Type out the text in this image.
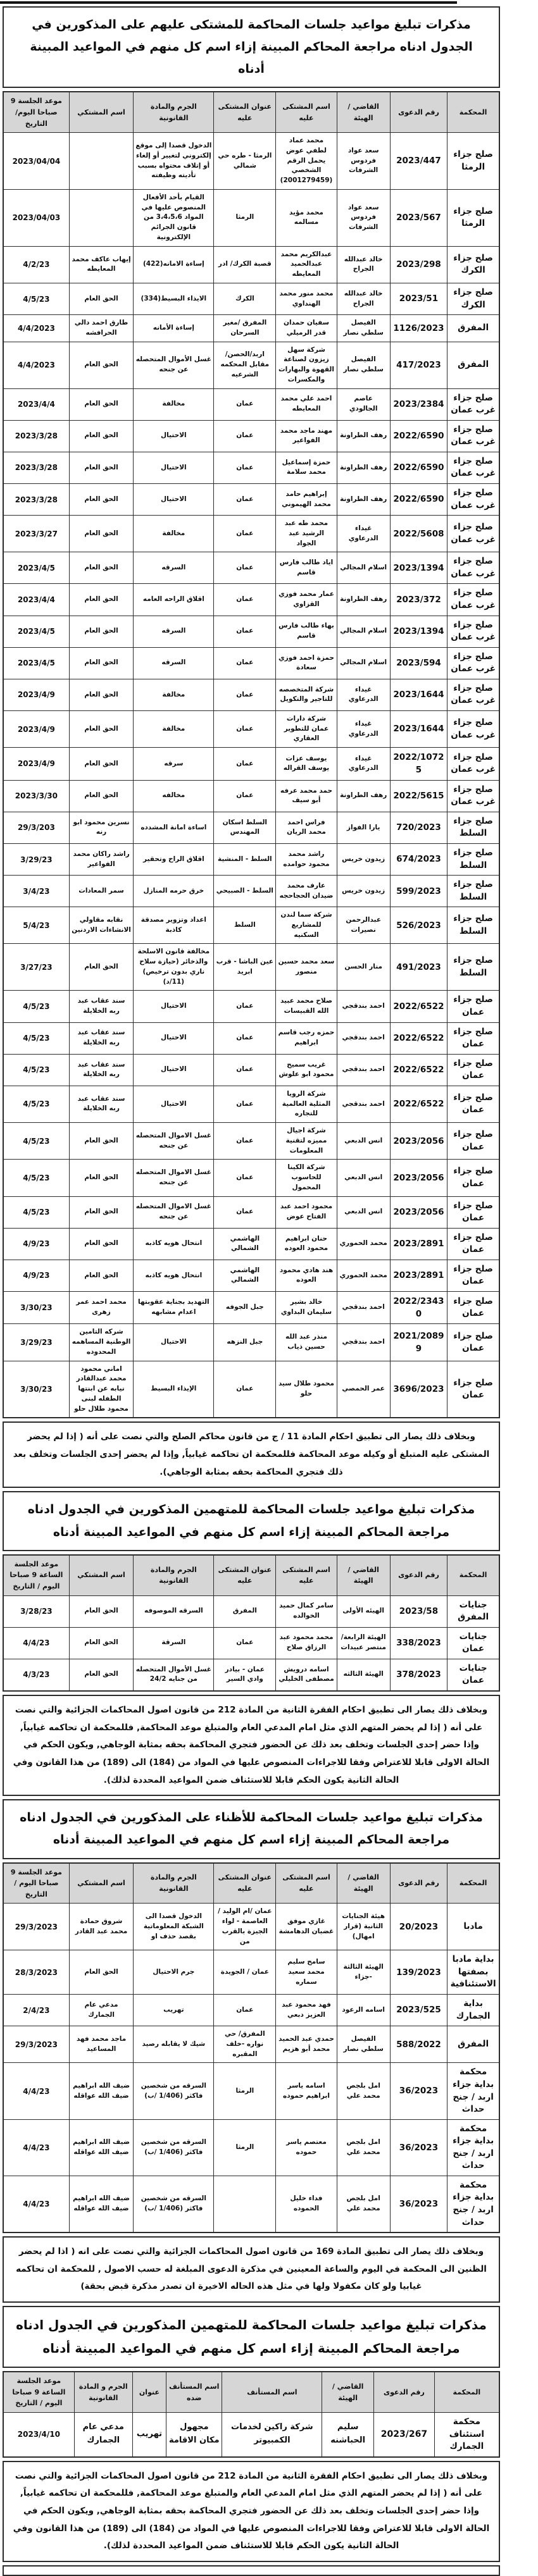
مذكرات تبليغ مواعيد جلسات المحاكمة للمشتكى عليهم على المذكورين في الجدول ادناه مراجعة المحاكم المبينة إزاء اسم كل منهم في المواعيد المبينة أدناه
المحكمة	رقم الدعوى	القاضي / الهيئة	اسم المشتكى عليه	عنوان المشتكى عليه	الجرم والمادة القانونية	اسم المشتكي	موعد الجلسة 9 صباحا اليوم/التاريخ
صلح جزاء الرمثا	2023/447	سعد عواد فردوس الشرفات	محمد عماد لطفي عوض يحمل الرقم الشخصي (2001279459)	الرمثا - طره حي شمالي	الدخول قصدا إلى موقع إلكتروني لتغيير أو إلغاء أو إتلاف محتواه بسبب تأديته وظيفته		2023/04/04
صلح جزاء الرمثا	2023/567	سعد عواد فردوس الشرفات	محمد مؤيد مسالمه	الرمثا	القيام بأحد الأفعال المنصوص عليها في المواد 3،4،5،6 من قانون الجرائم الإلكترونية		2023/04/03
صلح جزاء الكرك	2023/298	خالد عبدالله الجراح	عبدالكريم محمد عبدالحميد المعايطه	قصبة الكرك/ ادر	إساءة الامانه(422)	إيهاب عاكف محمد المعايطه	4/2/23
صلح جزاء الكرك	2023/51	خالد عبدالله الجراح	محمد منور محمد الهنداوي	الكرك	الايذاء البسيط(334)	الحق العام	4/5/23
المفرق	1126/2023	الفيصل سلطي نصار	سفيان حمدان قدر الرميلي	المفرق /مغير السرحان	إساءة الأمانه	طارق احمد دالي الحرافشه	4/4/2023
المفرق	417/2023	الفيصل سلطي نصار	شركة سهل زيزون لصناعة القهوة والبهارات والمكسرات	اربد/الحصن/مقابل المحكمه الشرعيه	غسل الأموال المتحصله عن جنحه	الحق العام	4/4/2023
صلح جزاء غرب عمان	2023/2384	عاصم الجالودي	احمد علي محمد المعايطه	عمان	مخالفة	الحق العام	2023/4/4
صلح جزاء غرب عمان	2022/6590	رهف الطراونة	مهند ماجد محمد الفواعير	عمان	الاحتيال	الحق العام	2023/3/28
صلح جزاء غرب عمان	2022/6590	رهف الطراونة	حمزة إسماعيل محمد سلامة	عمان	الاحتيال	الحق العام	2023/3/28
صلح جزاء غرب عمان	2022/6590	رهف الطراونة	إبراهيم حامد محمد الهيموني	عمان	الاحتيال	الحق العام	2023/3/28
صلح جزاء غرب عمان	2022/5608	غيداء الدرعاوي	محمد طه عبد الرشيد عبد الجواد	عمان	مخالفة	الحق العام	2023/3/27
صلح جزاء غرب عمان	2023/1394	اسلام المجالي	اياد طالب فارس قاسم	عمان	السرقه	الحق العام	2023/4/5
صلح جزاء غرب عمان	2023/372	رهف الطراونة	عمار محمد فوزي القزاوي	عمان	اقلاق الراحه العامه	الحق العام	2023/4/4
صلح جزاء غرب عمان	2023/1394	اسلام المجالي	بهاء طالب فارس قاسم	عمان	السرقه	الحق العام	2023/4/5
صلح جزاء غرب عمان	2023/594	اسلام المجالي	حمزة احمد فوزي سعادة	عمان	السرقه	الحق العام	2023/4/5
صلح جزاء غرب عمان	2023/1644	غيداء الدرعاوي	شركة المتخصصه للتاجير والتكويل	عمان	مخالفة	الحق العام	2023/4/9
صلح جزاء غرب عمان	2023/1644	غيداء الدرعاوي	شركة دارات عمان للتطوير العقاري	عمان	مخالفة	الحق العام	2023/4/9
صلح جزاء غرب عمان	2022/10725	غيداء الدرعاوي	يوسف عزات يوسف القراله	عمان	سرقه	الحق العام	2023/4/9
صلح جزاء غرب عمان	2022/5615	رهف الطراونة	حمد محمد عرفه أبو سيف	عمان	مخالفه	الحق العام	2023/3/30
صلح جزاء السلط	720/2023	يارا الفواز	فراس احمد محمد الريان	السلط اسكان المهندس	اساءة امانة المشدده	نسرين محمود ابو رنه	29/3/203
صلح جزاء السلط	674/2023	زيدون خريس	راشد محمد محمود حوامده	السلط - المنشية	اقلاق الراح وتحقير	راشد راكان محمد الفواعير	3/29/23
صلح جزاء السلط	599/2023	زيدون خريس	عارف محمد ضيدان الحجاحجه	السلط - الصبيحي	خرق حرمه المنازل	سمر المعادات	3/4/23
صلح جزاء السلط	526/2023	عبدالرحمن نصيرات	شركة سما لندن للمشاريع السكنيه	السلط	اعداد وتزوير مصدقة كاذبة	نقابه مقاولي الانشاءات الاردنين	5/4/23
صلح جزاء السلط	491/2023	منار الحسن	سعد محمد حسين منصور	عين الباشا - قرب ابريد	مخالفة قانون الاسلحة والذخائر (حيازة سلاح ناري بدون ترخيص) (11/د)	الحق العام	3/27/23
صلح جزاء عمان	2022/6522	احمد بندقجي	صلاح محمد عبيد الله القبيسات	عمان	الاحتيال	سند عقاب عبد ربه الخلايلة	4/5/23
صلح جزاء عمان	2022/6522	احمد بندقجي	حمزه رجب قاسم ابراهيم	عمان	الاحتيال	سند عقاب عبد ربه الخلايلة	4/5/23
صلح جزاء عمان	2022/6522	احمد بندقجي	غريب سميح محمود ابو علوش	عمان	الاحتيال	سند عقاب عبد ربه الخلايلة	4/5/23
صلح جزاء عمان	2022/6522	احمد بندقجي	شركة الرويا المثلية العالمية للتجاره	عمان	الاحتيال	سند عقاب عبد ربه الخلايلة	4/5/23
صلح جزاء عمان	2023/2056	انس الدبعي	شركة اجيال مميزه لتقنية المعلومات	عمان	غسل الاموال المتحصله عن جنحه	الحق العام	4/5/23
صلح جزاء عمان	2023/2056	انس الدبعي	شركة الكينا للحاسوب المحمول	عمان	غسل الاموال المتحصله عن جنحه	الحق العام	4/5/23
صلح جزاء عمان	2023/2056	انس الدبعي	محمود احمد عبد الفتاح عوض	عمان	غسل الاموال المتحصله عن جنحه	الحق العام	4/5/23
صلح جزاء عمان	2023/2891	محمد الحموري	حنان ابراهيم محمود العوده	الهاشمي الشمالي	انتحال هويه كاذبه	الحق العام	4/9/23
صلح جزاء عمان	2023/2891	محمد الحموري	هند هادي محمود العوده	الهاشمي الشمالي	انتحال هويه كاذبه	الحق العام	4/9/23
صلح جزاء عمان	2022/23430	احمد بندقجي	خالد بشير سليمان البداوي	جبل الجوفه	التهديد بجناية عقوبتها اعدام مشابهه	محمد احمد عمر زهرى	3/30/23
صلح جزاء عمان	2021/20899	احمد بندقجي	منذر عبد الله حسين ذياب	جبل النزهه	الاحتيال	شركه التامين الوطنية المساهمه المحدوده	3/29/23
صلح جزاء عمان	3696/2023	عمر الحمصي	محمود طلال سيد حلو	عمان	الإيذاء البسيط	اماني محمود محمد عبدالقادر نيابه عن ابنتها الطفله لبنى محمود طلال حلو	3/30/23
وبخلاف ذلك يصار الى تطبيق احكام المادة 11 / ج من قانون محاكم الصلح والتي نصت على أنه ( إذا لم يحضر المشتكى عليه المتبلغ أو وكيله موعد المحاكمة فللمحكمة ان تحاكمه غيابياً, وإذا لم يحضر إحدى الجلسات وتخلف بعد ذلك فتجري المحاكمة بحقه بمثابة الوجاهي).
مذكرات تبليغ مواعيد جلسات المحاكمة للمتهمين المذكورين في الجدول ادناه مراجعة المحاكم المبينة إزاء اسم كل منهم في المواعيد المبينة أدناه
المحكمة	رقم الدعوى	القاضي / الهيئة	اسم المشتكى عليه	عنوان المشتكى عليه	الجرم والمادة القانونية	اسم المشتكي	موعد الجلسة الساعة 9 صباحا اليوم / التاريخ
جنايات المفرق	2023/58	الهيئه الأولى	سامر كمال حميد الخوالده	المفرق	السرقه الموصوفه	الحق العام	3/28/23
جنايات عمان	338/2023	الهيئة الرابعة/ منتصر عبيدات	محمد محمود عبد الرزاق صلاح	عمان	السرقة	الحق العام	4/4/23
جنايات عمان	378/2023	الهيئة الثالثه	اسامه درويش مصطفى الخليلي	عمان - بيادر وادي السير	غسل الأموال المتحصله من جنايه 24/2	الحق العام	4/3/23
وبخلاف ذلك يصار الى تطبيق احكام الفقرة الثانية من المادة 212 من قانون اصول المحاكمات الجزائية والتي نصت على أنه ( إذا لم يحضر المتهم الذي مثل امام المدعي العام والمتبلغ موعد المحاكمة, فللمحكمة ان تحاكمه غيابياً, وإذا حضر إحدى الجلسات وتخلف بعد ذلك عن الحضور فتجري المحاكمة بحقه بمثابة الوجاهي, ويكون الحكم في الحالة الاولى قابلا للاعتراض وفقا للاجراءات المنصوص عليها في المواد من (184) الى (189) من هذا القانون وفي الحالة الثانية يكون الحكم قابلا للاستئناف ضمن المواعيد المحددة لذلك).
مذكرات تبليغ مواعيد جلسات المحاكمة للأظناء على المذكورين في الجدول ادناه مراجعة المحاكم المبينة إزاء اسم كل منهم في المواعيد المبينة أدناه
المحكمة	رقم الدعوى	القاضي / الهيئة	اسم المشتكى عليه	عنوان المشتكى عليه	الجرم والمادة القانونية	اسم المشتكي	موعد الجلسة 9 صباحا اليوم / التاريخ
مادبا	20/2023	هيئة الجنايات الثانية (قرار امهال)	غازي موفق غضبان الدهامشة	عمان /ام الوليد /العاصمة - لواء الجيزة بالقرب من	الدخول قصدا الى الشبكة المعلوماتية بقصد حذف او	شروق حمادة محمد عبد القادر	29/3/2023
بداية مادبا بصفتها الاستئنافية	139/2023	الهيئة الثالثة -جزاء	سامح سليم محمد سعيد سماره	عمان / الجويدة	جرم الاحتيال	الحق العام	28/3/2023
بداية الجمارك	2023/525	اسامه الرعود	فهد محمود عبد العزيز دبعي	عمان	تهريب	مدعي عام الجمارك	2/4/23
المفرق	588/2022	الفيصل سلطي نصار	حمدي عبد الحميد محمد أبو هزيم	المفرق/ حي نواره -خلف المقبره	شيك لا يقابله رصيد	ماجد محمد فهد المساعيد	29/3/2023
محكمة بداية جزاء اربد / جنح حداث	36/2023	امل بلجص محمد علي	اسامه ياسر ابراهيم حموده	الرمثا	السرقه من شخصين فاكثر (1/406 /ب)	ضيف الله ابراهيم ضيف الله عواقله	4/4/23
محكمة بداية جزاء اربد / جنح حداث	36/2023	امل بلجص محمد علي	معتصم ياسر حموده	الرمثا	السرقه من شخصين فاكثر (1/406 /ب)	ضيف الله ابراهيم ضيف الله عواقله	4/4/23
محكمة بداية جزاء اربد / جنح حداث	36/2023	امل بلجص محمد علي	فداء خليل الحموده		السرقه من شخصين فاكثر (1/406 /ب)	ضيف الله ابراهيم ضيف الله عواقله	4/4/23
وبخلاف ذلك يصار الى تطبيق المادة 169 من قانون اصول المحاكمات الجزائية والتي نصت على انه ( اذا لم يحضر الظنين الى المحكمة في اليوم والساعة المعينين في مذكرة الدعوى المبلغة له حسب الاصول , للمحكمة ان تحاكمه غيابيا ولو كان مكفولا ولها في مثل هذه الحاله الاخيرة ان تصدر مذكرة قبض بحقة)
مذكرات تبليغ مواعيد جلسات المحاكمة للمتهمين المذكورين في الجدول ادناه مراجعة المحاكم المبينة إزاء اسم كل منهم في المواعيد المبينة أدناه
المحكمة	رقم الدعوى	القاضي / الهيئة	اسم المستأنف	اسم المستأنف ضده	عنوان	الجرم و المادة القانونية	موعد الجلسة الساعة 9 صباحا اليوم / التاريخ
محكمة استئناف الجمارك	2023/267	سليم الحباشنه	شركة راكين لخدمات الكمبيوتر	مجهول مكان الاقامة	تهريب	مدعي عام الجمارك	2023/4/10
وبخلاف ذلك يصار الى تطبيق احكام الفقرة الثانية من المادة 212 من قانون اصول المحاكمات الجزائية والتي نصت على أنه ( إذا لم يحضر المتهم الذي مثل امام المدعي العام والمتبلغ موعد المحاكمة, فللمحكمة ان تحاكمه غيابياً, وإذا حضر إحدى الجلسات وتخلف بعد ذلك عن الحضور فتجري المحاكمة بحقه بمثابة الوجاهي, ويكون الحكم في الحالة الاولى قابلا للاعتراض وفقا للاجراءات المنصوص عليها في المواد من (184) الى (189) من هذا القانون وفي الحالة الثانية يكون الحكم قابلا للاستئناف ضمن المواعيد المحددة لذلك).
